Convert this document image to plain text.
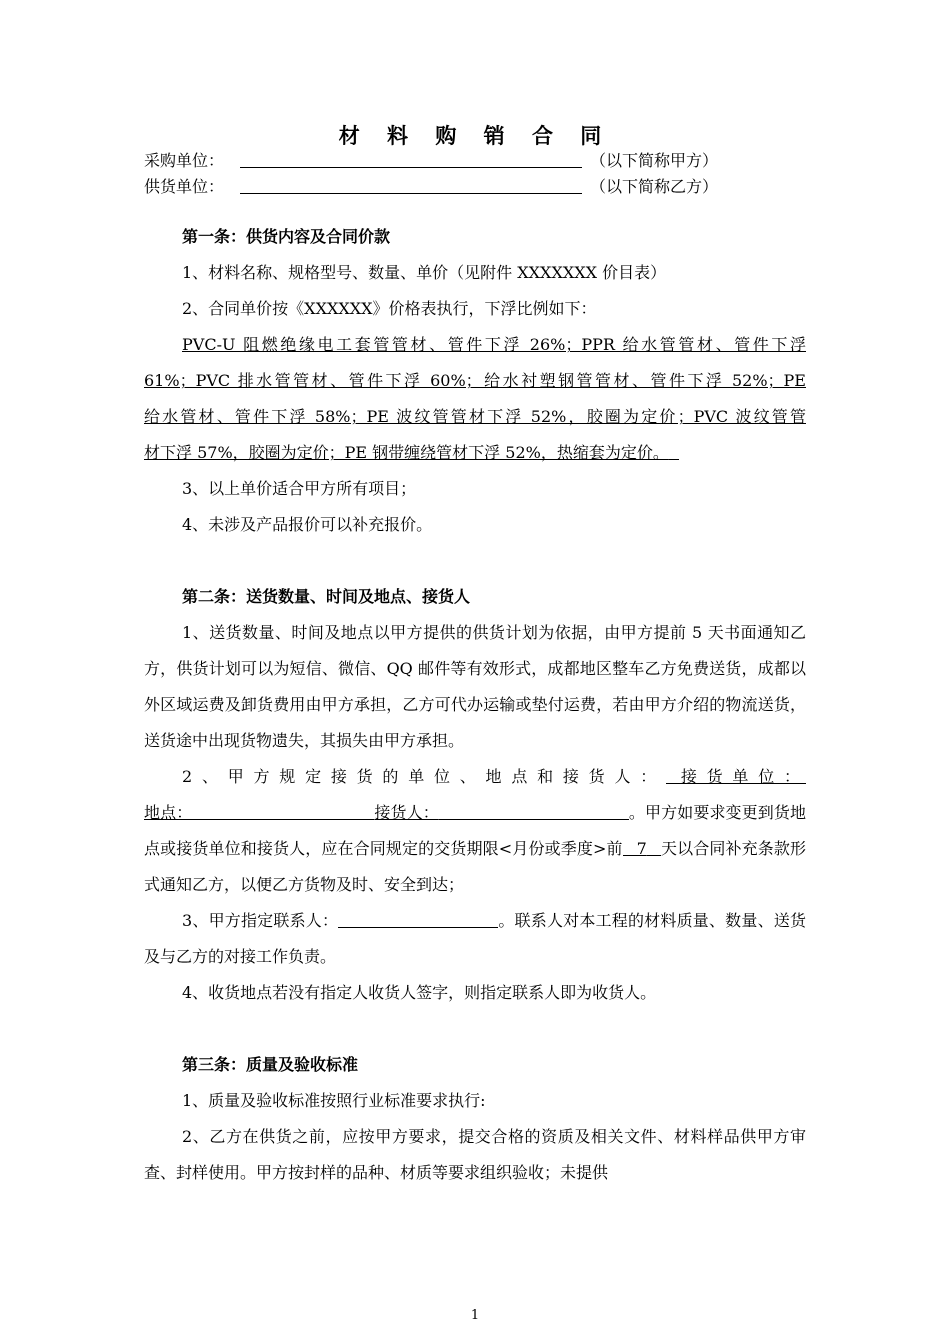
材 料 购 销 合 同
采购单位：	（以下简称甲方）
供货单位：	（以下简称乙方）

第一条：供货内容及合同价款

1、材料名称、规格型号、数量、单价（见附件 XXXXXXX 价目表）

2、合同单价按《XXXXXX》价格表执行，下浮比例如下：

PVC-U 阻燃绝缘电工套管管材、管件下浮 26%；PPR 给水管管材、管件下浮

61%；PVC 排水管管材、管件下浮 60%；给水衬塑钢管管材、管件下浮 52%；PE

给水管材、管件下浮 58%；PE 波纹管管材下浮 52%，胶圈为定价；PVC 波纹管管

材下浮 57%，胶圈为定价；PE 钢带缠绕管材下浮 52%，热缩套为定价。

3、以上单价适合甲方所有项目；

4、未涉及产品报价可以补充报价。

第二条：送货数量、时间及地点、接货人

1、送货数量、时间及地点以甲方提供的供货计划为依据，由甲方提前 5 天书面通知乙方，供货计划可以为短信、微信、QQ 邮件等有效形式，成都地区整车乙方免费送货，成都以外区域运费及卸货费用由甲方承担，乙方可代办运输或垫付运费，若由甲方介绍的物流送货，送货途中出现货物遗失，其损失由甲方承担。

2、甲方规定接货的单位、地点和接货人： 接货单位：

地点：	接货人：	。甲方如要求变更到货地点或接货单位和接货人，应在合同规定的交货期限<月份或季度>前 7 天以合同补充条款形式通知乙方，以便乙方货物及时、安全到达；

3、甲方指定联系人：	。联系人对本工程的材料质量、数量、送货及与乙方的对接工作负责。

4、收货地点若没有指定人收货人签字，则指定联系人即为收货人。

第三条：质量及验收标准

1、质量及验收标准按照行业标准要求执行:

2、乙方在供货之前，应按甲方要求，提交合格的资质及相关文件、材料样品供甲方审查、封样使用。甲方按封样的品种、材质等要求组织验收；未提供

1
